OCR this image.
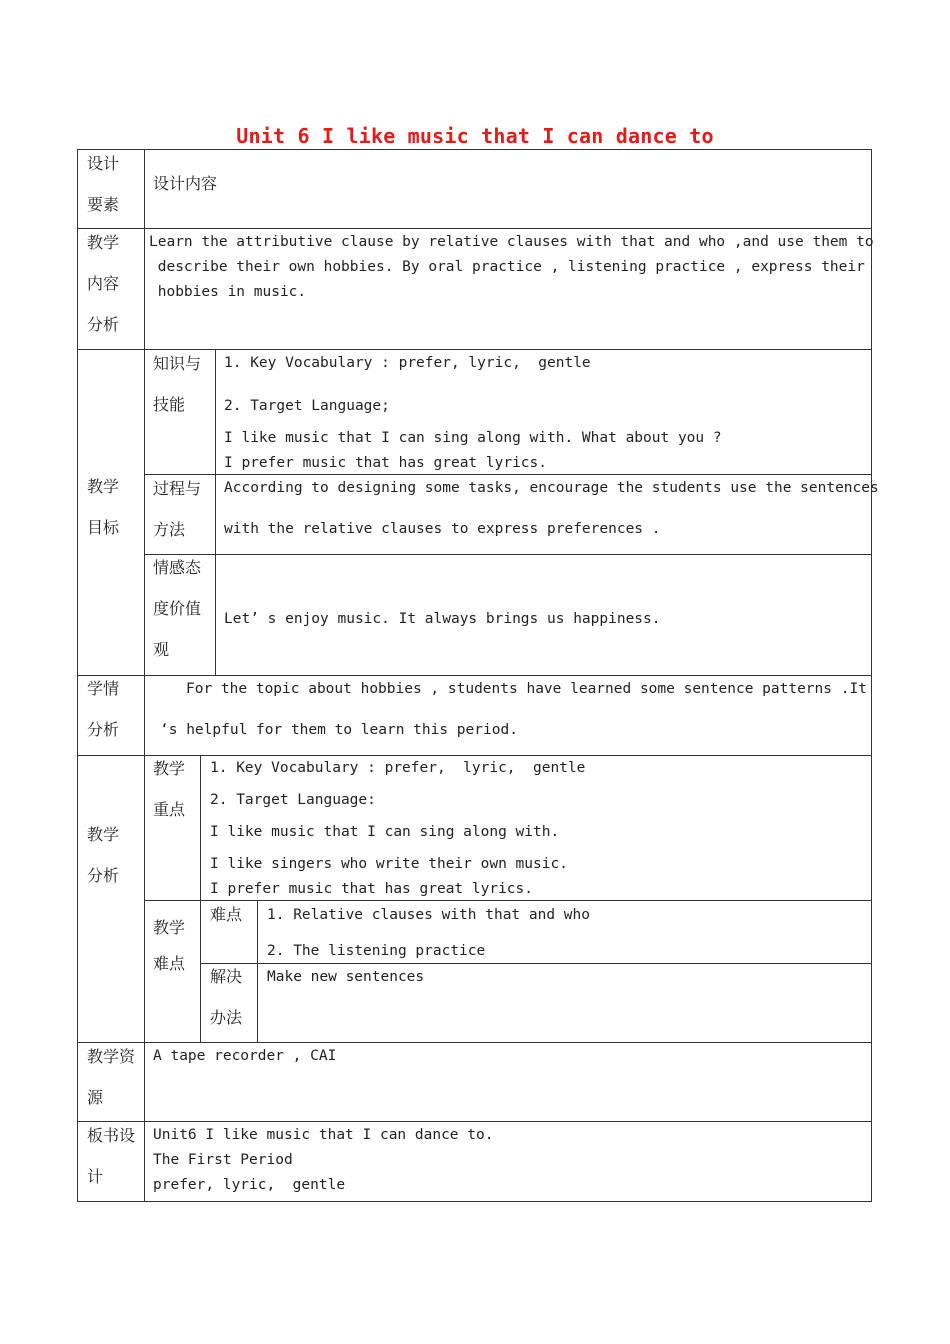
Unit 6 I like music that I can dance to
设计
要素
设计内容
教学
内容
分析
Learn the attributive clause by relative clauses with that and who ,and use them to
describe their own hobbies. By oral practice , listening practice , express their
hobbies in music.
教学
目标
知识与
技能
1. Key Vocabulary : prefer, lyric,  gentle
2. Target Language;
I like music that I can sing along with. What about you ?
I prefer music that has great lyrics.
过程与
方法
According to designing some tasks, encourage the students use the sentences
with the relative clauses to express preferences .
情感态
度价值
观
Let’ s enjoy music. It always brings us happiness.
学情
分析
For the topic about hobbies , students have learned some sentence patterns .It
‘s helpful for them to learn this period.
教学
分析
教学
重点
1. Key Vocabulary : prefer,  lyric,  gentle
2. Target Language:
I like music that I can sing along with.
I like singers who write their own music.
I prefer music that has great lyrics.
教学
难点
难点 1. Relative clauses with that and who
2. The listening practice
解决
办法
Make new sentences
教学资
源
A tape recorder , CAI
板书设
计
Unit6 I like music that I can dance to.
The First Period
prefer, lyric,  gentle
